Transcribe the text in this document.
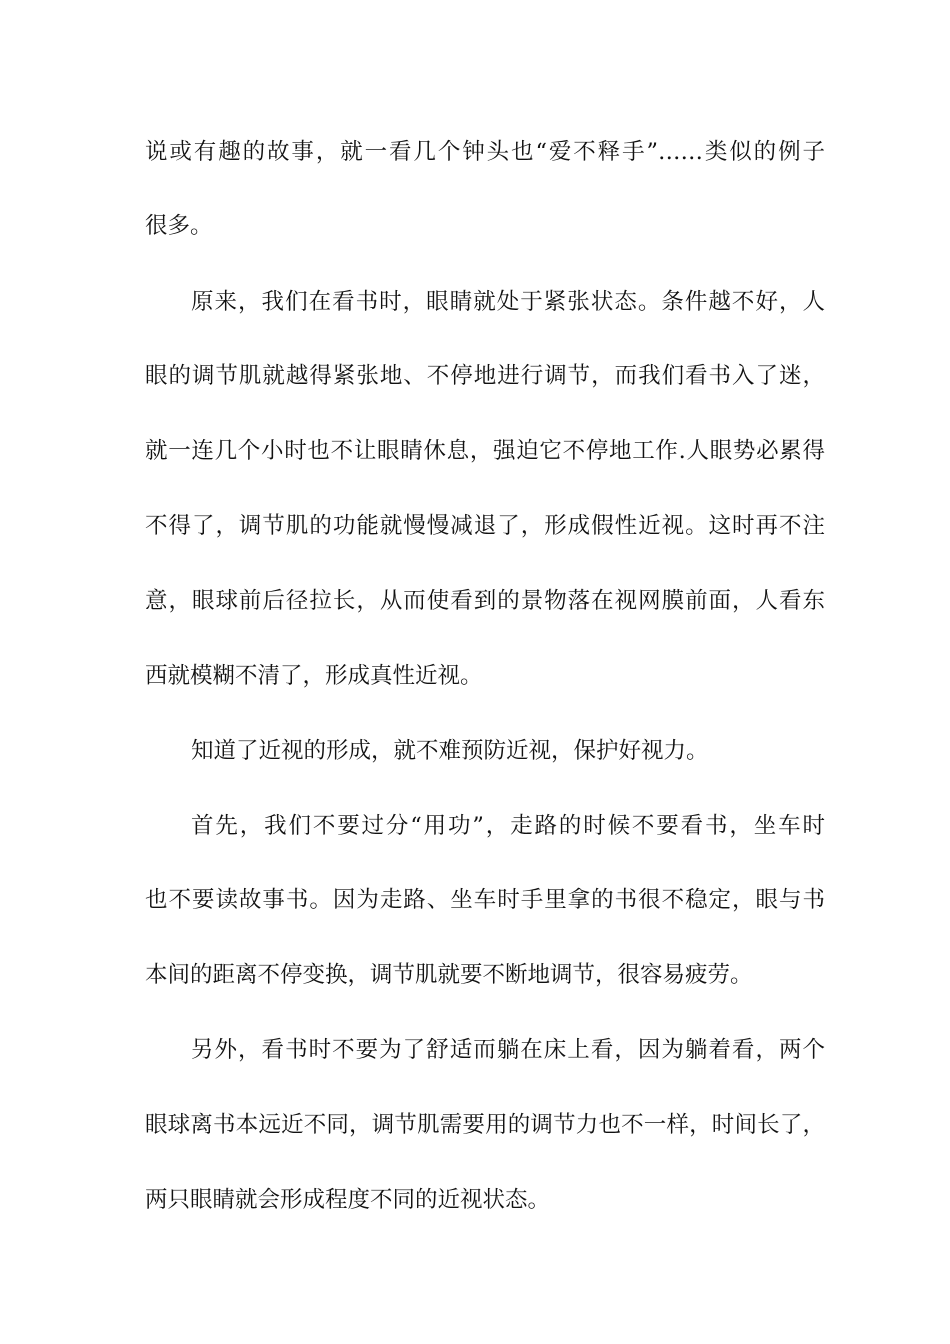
说或有趣的故事，就一看几个钟头也“爱不释手”……类似的例子
很多。
原来，我们在看书时，眼睛就处于紧张状态。条件越不好，人
眼的调节肌就越得紧张地、不停地进行调节，而我们看书入了迷，
就一连几个小时也不让眼睛休息，强迫它不停地工作.人眼势必累得
不得了，调节肌的功能就慢慢减退了，形成假性近视。这时再不注
意，眼球前后径拉长，从而使看到的景物落在视网膜前面，人看东
西就模糊不清了，形成真性近视。
知道了近视的形成，就不难预防近视，保护好视力。
首先，我们不要过分“用功”，走路的时候不要看书，坐车时
也不要读故事书。因为走路、坐车时手里拿的书很不稳定，眼与书
本间的距离不停变换，调节肌就要不断地调节，很容易疲劳。
另外，看书时不要为了舒适而躺在床上看，因为躺着看，两个
眼球离书本远近不同，调节肌需要用的调节力也不一样，时间长了，
两只眼睛就会形成程度不同的近视状态。
